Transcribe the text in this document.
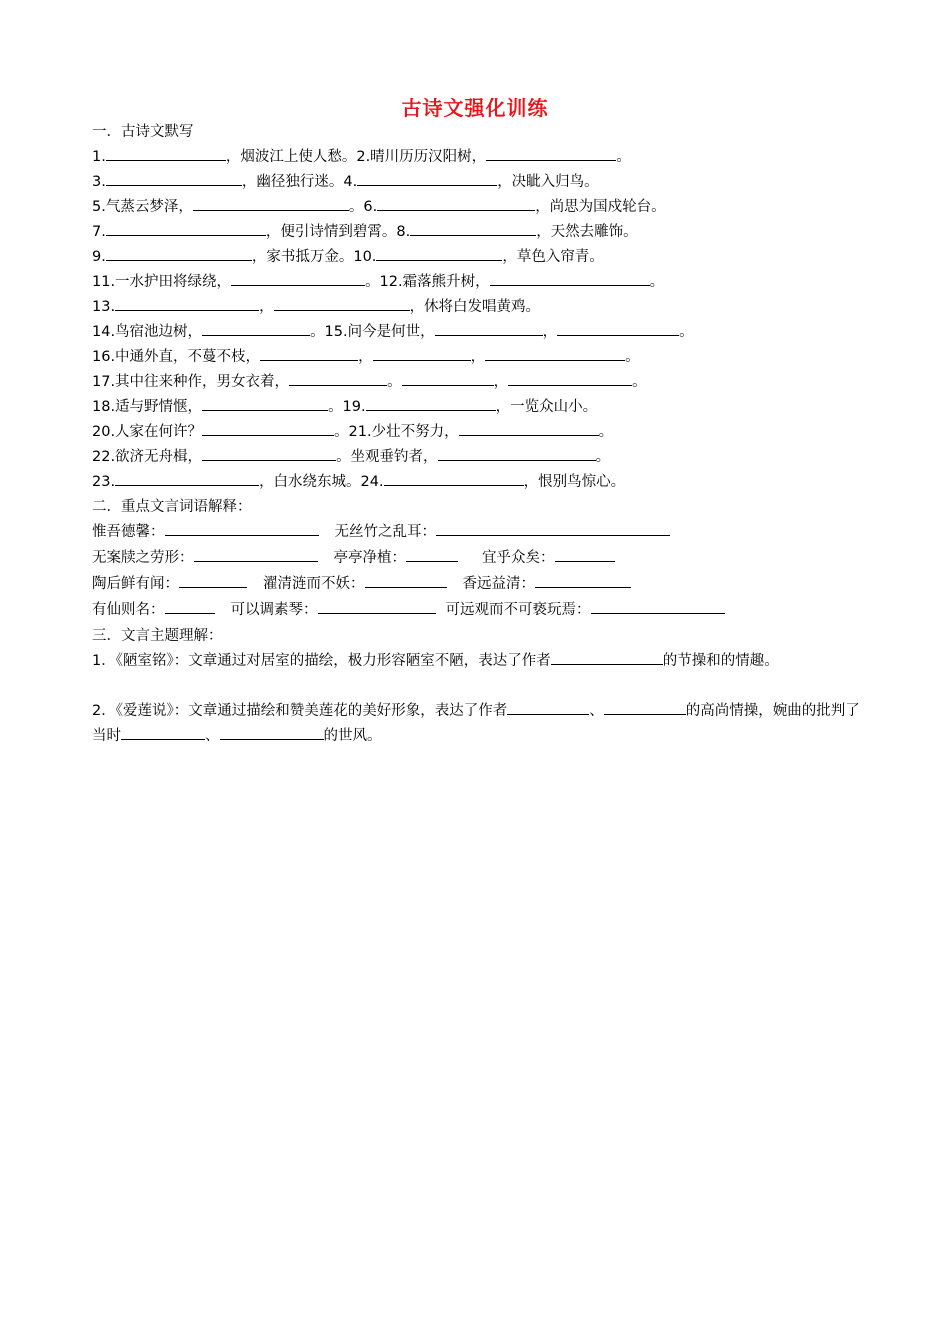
古诗文强化训练
一．古诗文默写
1.	，烟波江上使人愁。2.晴川历历汉阳树，	。
3.	，幽径独行迷。4.	，决眦入归鸟。
5.气蒸云梦泽，	。6.	，尚思为国戍轮台。
7.	，便引诗情到碧霄。8.	，天然去雕饰。
9.	，家书抵万金。10.	，草色入帘青。
11.一水护田将绿绕，	。12.霜落熊升树，	。
13.	，	，休将白发唱黄鸡。
14.鸟宿池边树，	。15.问今是何世，	，	。
16.中通外直，不蔓不枝，	，	，	。
17.其中往来种作，男女衣着，	。	，	。
18.适与野情惬，	。19.	，一览众山小。
20.人家在何许？	。21.少壮不努力，	。
22.欲济无舟楫，	。坐观垂钓者，	。
23.	，白水绕东城。24.	，恨别鸟惊心。
二．重点文言词语解释：
惟吾德馨：	无丝竹之乱耳：
无案牍之劳形：	亭亭净植：	宜乎众矣：
陶后鲜有闻：	濯清涟而不妖：	香远益清：
有仙则名：	可以调素琴：	可远观而不可亵玩焉：
三．文言主题理解：
1．《陋室铭》：文章通过对居室的描绘，极力形容陋室不陋，表达了作者	的节操和的情趣。
2．《爱莲说》：文章通过描绘和赞美莲花的美好形象，表达了作者	、	的高尚情操，婉曲的批判了当时	、	的世风。
